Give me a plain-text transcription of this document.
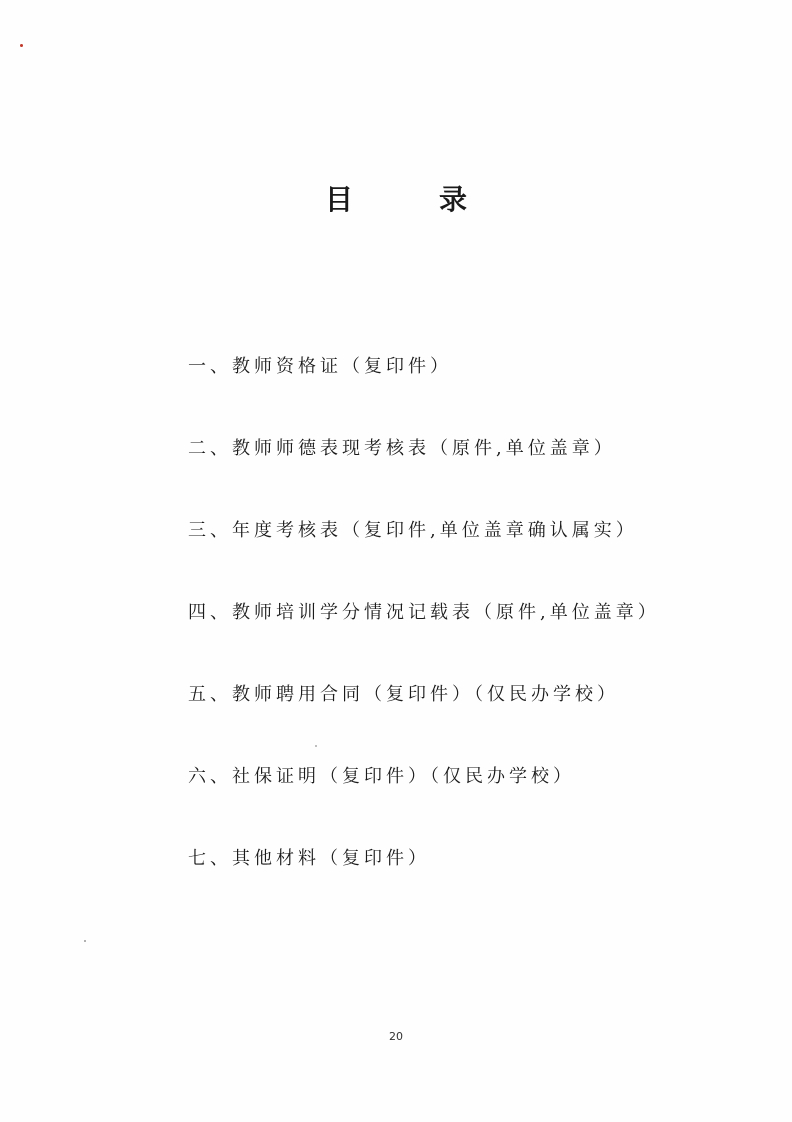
目	录
一、教师资格证（复印件）
二、教师师德表现考核表（原件,单位盖章）
三、年度考核表（复印件,单位盖章确认属实）
四、教师培训学分情况记载表（原件,单位盖章）
五、教师聘用合同（复印件）（仅民办学校）
六、社保证明（复印件）（仅民办学校）
七、其他材料（复印件）
20
